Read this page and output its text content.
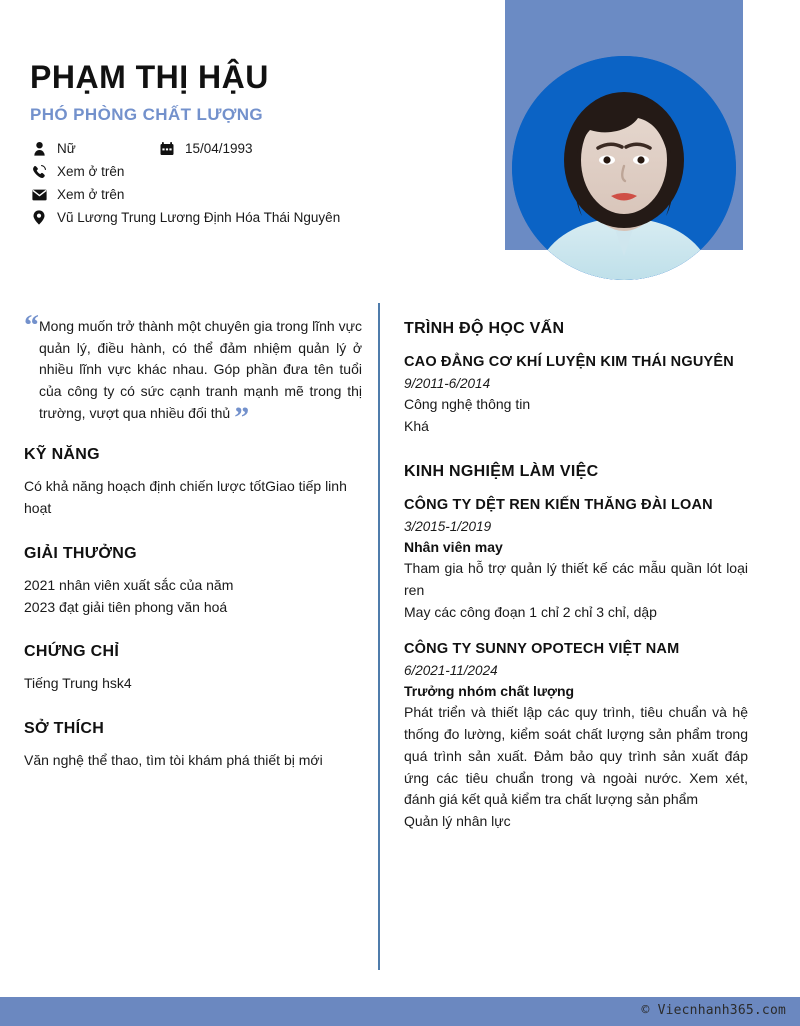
PHẠM THỊ HẬU
PHÓ PHÒNG CHẤT LƯỢNG
Nữ	15/04/1993
Xem ở trên
Xem ở trên
Vũ Lương Trung Lương Định Hóa Thái Nguyên
“ Mong muốn trở thành một chuyên gia trong lĩnh vực quản lý, điều hành, có thể đảm nhiệm quản lý ở nhiều lĩnh vực khác nhau. Góp phần đưa tên tuổi của công ty có sức cạnh tranh mạnh mẽ trong thị trường, vượt qua nhiều đối thủ ”

KỸ NĂNG

Có khả năng hoạch định chiến lược tốtGiao tiếp linh hoạt

GIẢI THƯỞNG

2021 nhân viên xuất sắc của năm

2023 đạt giải tiên phong văn hoá

CHỨNG CHỈ

Tiếng Trung hsk4

SỞ THÍCH

Văn nghệ thể thao, tìm tòi khám phá thiết bị mới

TRÌNH ĐỘ HỌC VẤN

CAO ĐẲNG CƠ KHÍ LUYỆN KIM THÁI NGUYÊN

9/2011-6/2014

Công nghệ thông tin

Khá

KINH NGHIỆM LÀM VIỆC

CÔNG TY DỆT REN KIẾN THĂNG ĐÀI LOAN

3/2015-1/2019

Nhân viên may

Tham gia hỗ trợ quản lý thiết kế các mẫu quần lót loại ren

May các công đoạn 1 chỉ 2 chỉ 3 chỉ, dập

CÔNG TY SUNNY OPOTECH VIỆT NAM

6/2021-11/2024

Trưởng nhóm chất lượng

Phát triển và thiết lập các quy trình, tiêu chuẩn và hệ thống đo lường, kiểm soát chất lượng sản phẩm trong quá trình sản xuất. Đảm bảo quy trình sản xuất đáp ứng các tiêu chuẩn trong và ngoài nước. Xem xét, đánh giá kết quả kiểm tra chất lượng sản phẩm

Quản lý nhân lực

© Viecnhanh365.com
